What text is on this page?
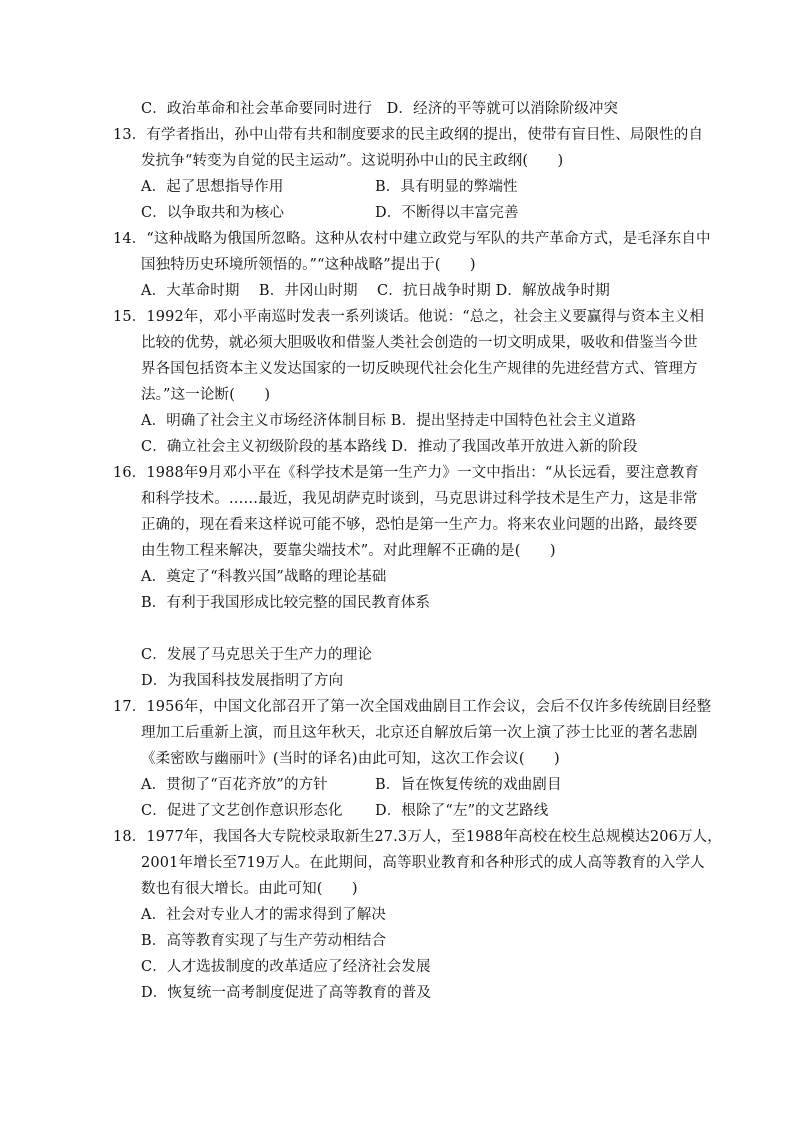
C．政治革命和社会革命要同时进行　D．经济的平等就可以消除阶级冲突
13．有学者指出，孙中山带有共和制度要求的民主政纲的提出，使带有盲目性、局限性的自
发抗争“转变为自觉的民主运动”。这说明孙中山的民主政纲(　　)
A．起了思想指导作用	B．具有明显的弊端性
C．以争取共和为核心	D．不断得以丰富完善
14．“这种战略为俄国所忽略。这种从农村中建立政党与军队的共产革命方式，是毛泽东自中
国独特历史环境所领悟的。”“这种战略”提出于(　　)
A．大革命时期　 B．井冈山时期　 C．抗日战争时期 D．解放战争时期
15．1992年，邓小平南巡时发表一系列谈话。他说：“总之，社会主义要赢得与资本主义相
比较的优势，就必须大胆吸收和借鉴人类社会创造的一切文明成果，吸收和借鉴当今世
界各国包括资本主义发达国家的一切反映现代社会化生产规律的先进经营方式、管理方
法。”这一论断(　　)
A．明确了社会主义市场经济体制目标 B．提出坚持走中国特色社会主义道路
C．确立社会主义初级阶段的基本路线 D．推动了我国改革开放进入新的阶段
16．1988年9月邓小平在《科学技术是第一生产力》一文中指出：“从长远看，要注意教育
和科学技术。……最近，我见胡萨克时谈到，马克思讲过科学技术是生产力，这是非常
正确的，现在看来这样说可能不够，恐怕是第一生产力。将来农业问题的出路，最终要
由生物工程来解决，要靠尖端技术”。对此理解不正确的是(　　)
A．奠定了“科教兴国”战略的理论基础
B．有利于我国形成比较完整的国民教育体系
C．发展了马克思关于生产力的理论
D．为我国科技发展指明了方向
17．1956年，中国文化部召开了第一次全国戏曲剧目工作会议，会后不仅许多传统剧目经整
理加工后重新上演，而且这年秋天，北京还自解放后第一次上演了莎士比亚的著名悲剧
《柔密欧与幽丽叶》(当时的译名)由此可知，这次工作会议(　　)
A．贯彻了“百花齐放”的方针	B．旨在恢复传统的戏曲剧目
C．促进了文艺创作意识形态化 D．根除了“左”的文艺路线
18．1977年，我国各大专院校录取新生27.3万人，至1988年高校在校生总规模达206万人，
2001年增长至719万人。在此期间，高等职业教育和各种形式的成人高等教育的入学人
数也有很大增长。由此可知(　　)
A．社会对专业人才的需求得到了解决
B．高等教育实现了与生产劳动相结合
C．人才选拔制度的改革适应了经济社会发展
D．恢复统一高考制度促进了高等教育的普及
